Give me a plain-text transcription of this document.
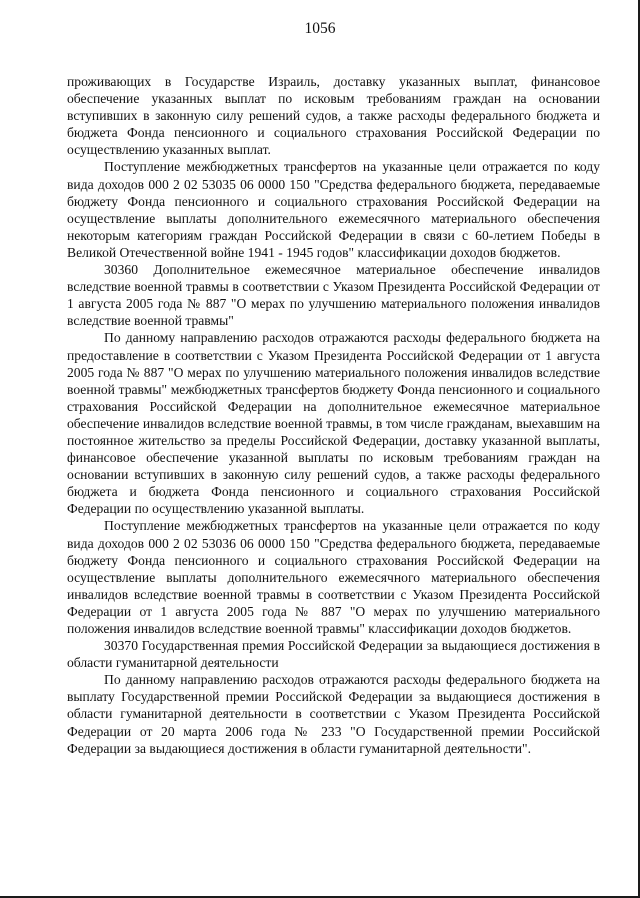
1056

проживающих в Государстве Израиль, доставку указанных выплат, финансовое обеспечение указанных выплат по исковым требованиям граждан на основании вступивших в законную силу решений судов, а также расходы федерального бюджета и бюджета Фонда пенсионного и социального страхования Российской Федерации по осуществлению указанных выплат.

Поступление межбюджетных трансфертов на указанные цели отражается по коду вида доходов 000 2 02 53035 06 0000 150 "Средства федерального бюджета, передаваемые бюджету Фонда пенсионного и социального страхования Российской Федерации на осуществление выплаты дополнительного ежемесячного материального обеспечения некоторым категориям граждан Российской Федерации в связи с 60-летием Победы в Великой Отечественной войне 1941 - 1945 годов" классификации доходов бюджетов.

30360 Дополнительное ежемесячное материальное обеспечение инвалидов вследствие военной травмы в соответствии с Указом Президента Российской Федерации от 1 августа 2005 года № 887 "О мерах по улучшению материального положения инвалидов вследствие военной травмы"

По данному направлению расходов отражаются расходы федерального бюджета на предоставление в соответствии с Указом Президента Российской Федерации от 1 августа 2005 года № 887 "О мерах по улучшению материального положения инвалидов вследствие военной травмы" межбюджетных трансфертов бюджету Фонда пенсионного и социального страхования Российской Федерации на дополнительное ежемесячное материальное обеспечение инвалидов вследствие военной травмы, в том числе гражданам, выехавшим на постоянное жительство за пределы Российской Федерации, доставку указанной выплаты, финансовое обеспечение указанной выплаты по исковым требованиям граждан на основании вступивших в законную силу решений судов, а также расходы федерального бюджета и бюджета Фонда пенсионного и социального страхования Российской Федерации по осуществлению указанной выплаты.

Поступление межбюджетных трансфертов на указанные цели отражается по коду вида доходов 000 2 02 53036 06 0000 150 "Средства федерального бюджета, передаваемые бюджету Фонда пенсионного и социального страхования Российской Федерации на осуществление выплаты дополнительного ежемесячного материального обеспечения инвалидов вследствие военной травмы в соответствии с Указом Президента Российской Федерации от 1 августа 2005 года № 887 "О мерах по улучшению материального положения инвалидов вследствие военной травмы" классификации доходов бюджетов.

30370 Государственная премия Российской Федерации за выдающиеся достижения в области гуманитарной деятельности

По данному направлению расходов отражаются расходы федерального бюджета на выплату Государственной премии Российской Федерации за выдающиеся достижения в области гуманитарной деятельности в соответствии с Указом Президента Российской Федерации от 20 марта 2006 года № 233 "О Государственной премии Российской Федерации за выдающиеся достижения в области гуманитарной деятельности".
